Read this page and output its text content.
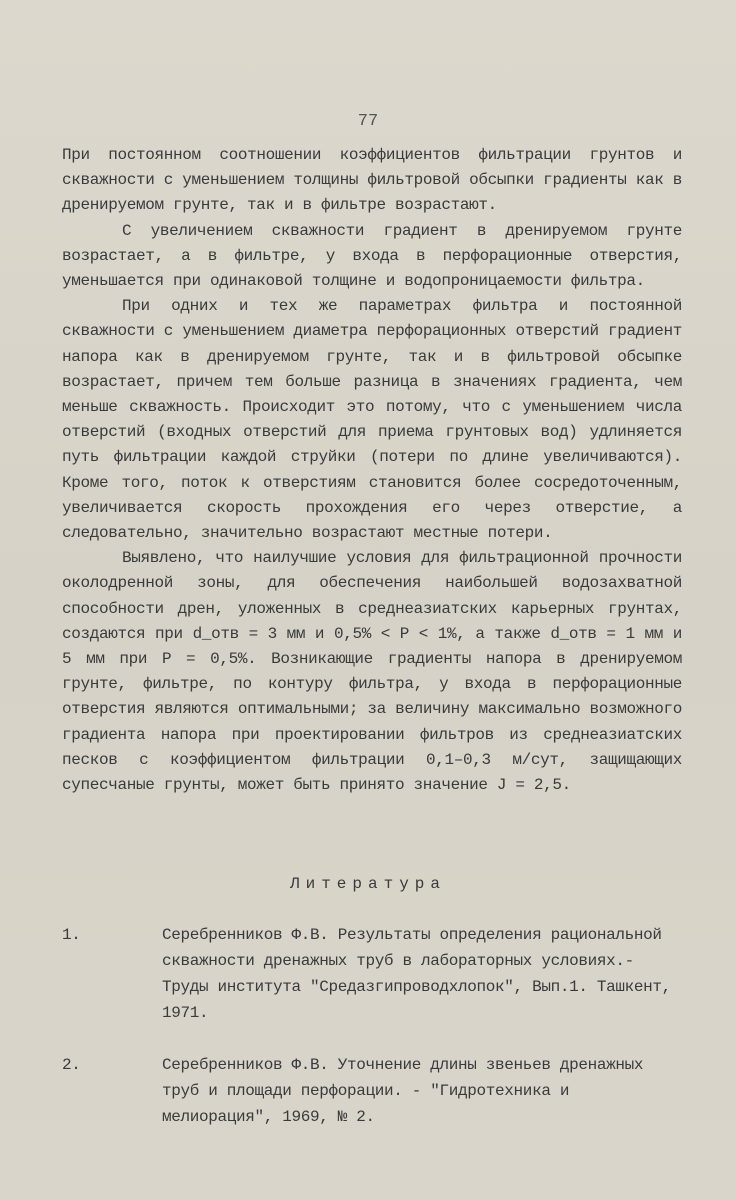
77

При постоянном соотношении коэффициентов фильтрации грунтов и скважности с уменьшением толщины фильтровой обсыпки градиенты как в дренируемом грунте, так и в фильтре возрастают.

С увеличением скважности градиент в дренируемом грунте возрастает, а в фильтре, у входа в перфорационные отверстия, уменьшается при одинаковой толщине и водопроницаемости фильтра.

При одних и тех же параметрах фильтра и постоянной скважности с уменьшением диаметра перфорационных отверстий градиент напора как в дренируемом грунте, так и в фильтровой обсыпке возрастает, причем тем больше разница в значениях градиента, чем меньше скважность. Происходит это потому, что с уменьшением числа отверстий (входных отверстий для приема грунтовых вод) удлиняется путь фильтрации каждой струйки (потери по длине увеличиваются). Кроме того, поток к отверстиям становится более сосредоточенным, увеличивается скорость прохождения его через отверстие, а следовательно, значительно возрастают местные потери.

Выявлено, что наилучшие условия для фильтрационной прочности околодренной зоны, для обеспечения наибольшей водозахватной способности дрен, уложенных в среднеазиатских карьерных грунтах, создаются при d_отв = 3 мм и 0,5% < P < 1%, а также d_отв = 1 мм и 5 мм при P = 0,5%. Возникающие градиенты напора в дренируемом грунте, фильтре, по контуру фильтра, у входа в перфорационные отверстия являются оптимальными; за величину максимально возможного градиента напора при проектировании фильтров из среднеазиатских песков с коэффициентом фильтрации 0,1–0,3 м/сут, защищающих супесчаные грунты, может быть принято значение J = 2,5.

Литература
1.	Серебренников Ф.В. Результаты определения рациональной скважности дренажных труб в лабораторных условиях.- Труды института "Средазгипроводхлопок", Вып.1. Ташкент, 1971.
2.	Серебренников Ф.В. Уточнение длины звеньев дренажных труб и площади перфорации. - "Гидротехника и мелиорация", 1969, № 2.
